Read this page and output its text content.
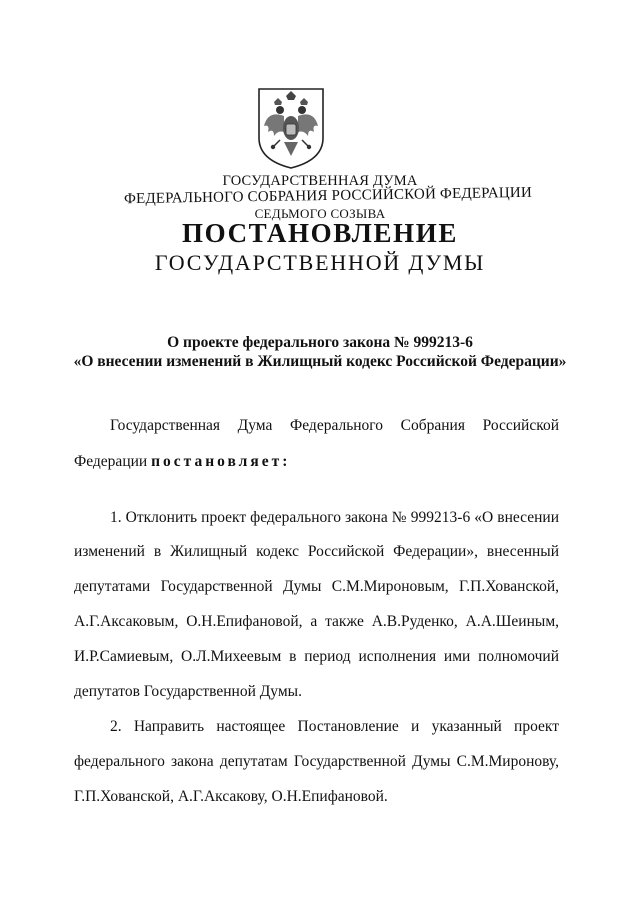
ГОСУДАРСТВЕННАЯ ДУМА
ФЕДЕРАЛЬНОГО СОБРАНИЯ РОССИЙСКОЙ ФЕДЕРАЦИИ
СЕДЬМОГО СОЗЫВА
ПОСТАНОВЛЕНИЕ
ГОСУДАРСТВЕННОЙ ДУМЫ
О проекте федерального закона № 999213-6
«О внесении изменений в Жилищный кодекс Российской Федерации»
Государственная Дума Федерального Собрания Российской
Федерации постановляет:
1. Отклонить проект федерального закона № 999213-6 «О внесении
изменений в Жилищный кодекс Российской Федерации», внесенный
депутатами Государственной Думы С.М.Мироновым, Г.П.Хованской,
А.Г.Аксаковым, О.Н.Епифановой, а также А.В.Руденко, А.А.Шеиным,
И.Р.Самиевым, О.Л.Михеевым в период исполнения ими полномочий
депутатов Государственной Думы.
2. Направить настоящее Постановление и указанный проект
федерального закона депутатам Государственной Думы С.М.Миронову,
Г.П.Хованской, А.Г.Аксакову, О.Н.Епифановой.
